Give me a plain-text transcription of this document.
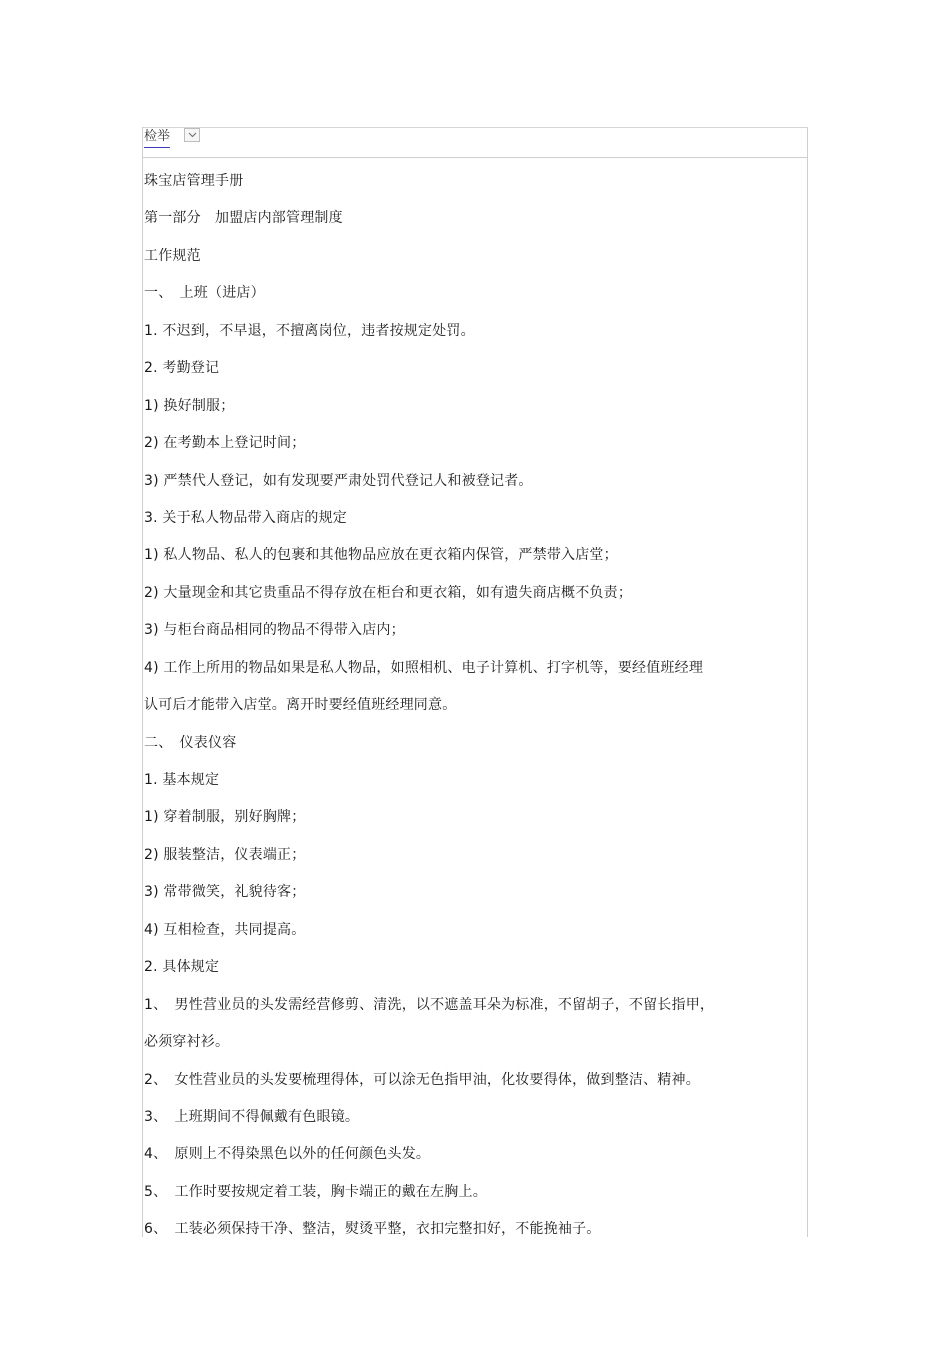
检举
珠宝店管理手册
第一部分　加盟店内部管理制度
工作规范
一、　上班（进店）
1. 不迟到，不早退，不擅离岗位，违者按规定处罚。
2. 考勤登记
1) 换好制服；
2) 在考勤本上登记时间；
3) 严禁代人登记，如有发现要严肃处罚代登记人和被登记者。
3. 关于私人物品带入商店的规定
1) 私人物品、私人的包裹和其他物品应放在更衣箱内保管，严禁带入店堂；
2) 大量现金和其它贵重品不得存放在柜台和更衣箱，如有遗失商店概不负责；
3) 与柜台商品相同的物品不得带入店内；
4) 工作上所用的物品如果是私人物品，如照相机、电子计算机、打字机等，要经值班经理
认可后才能带入店堂。离开时要经值班经理同意。
二、　仪表仪容
1. 基本规定
1) 穿着制服，别好胸牌；
2) 服装整洁，仪表端正；
3) 常带微笑，礼貌待客；
4) 互相检查，共同提高。
2. 具体规定
1、　男性营业员的头发需经营修剪、清洗，以不遮盖耳朵为标准，不留胡子，不留长指甲，
必须穿衬衫。
2、　女性营业员的头发要梳理得体，可以涂无色指甲油，化妆要得体，做到整洁、精神。
3、　上班期间不得佩戴有色眼镜。
4、　原则上不得染黑色以外的任何颜色头发。
5、　工作时要按规定着工装，胸卡端正的戴在左胸上。
6、　工装必须保持干净、整洁，熨烫平整，衣扣完整扣好，不能挽袖子。
